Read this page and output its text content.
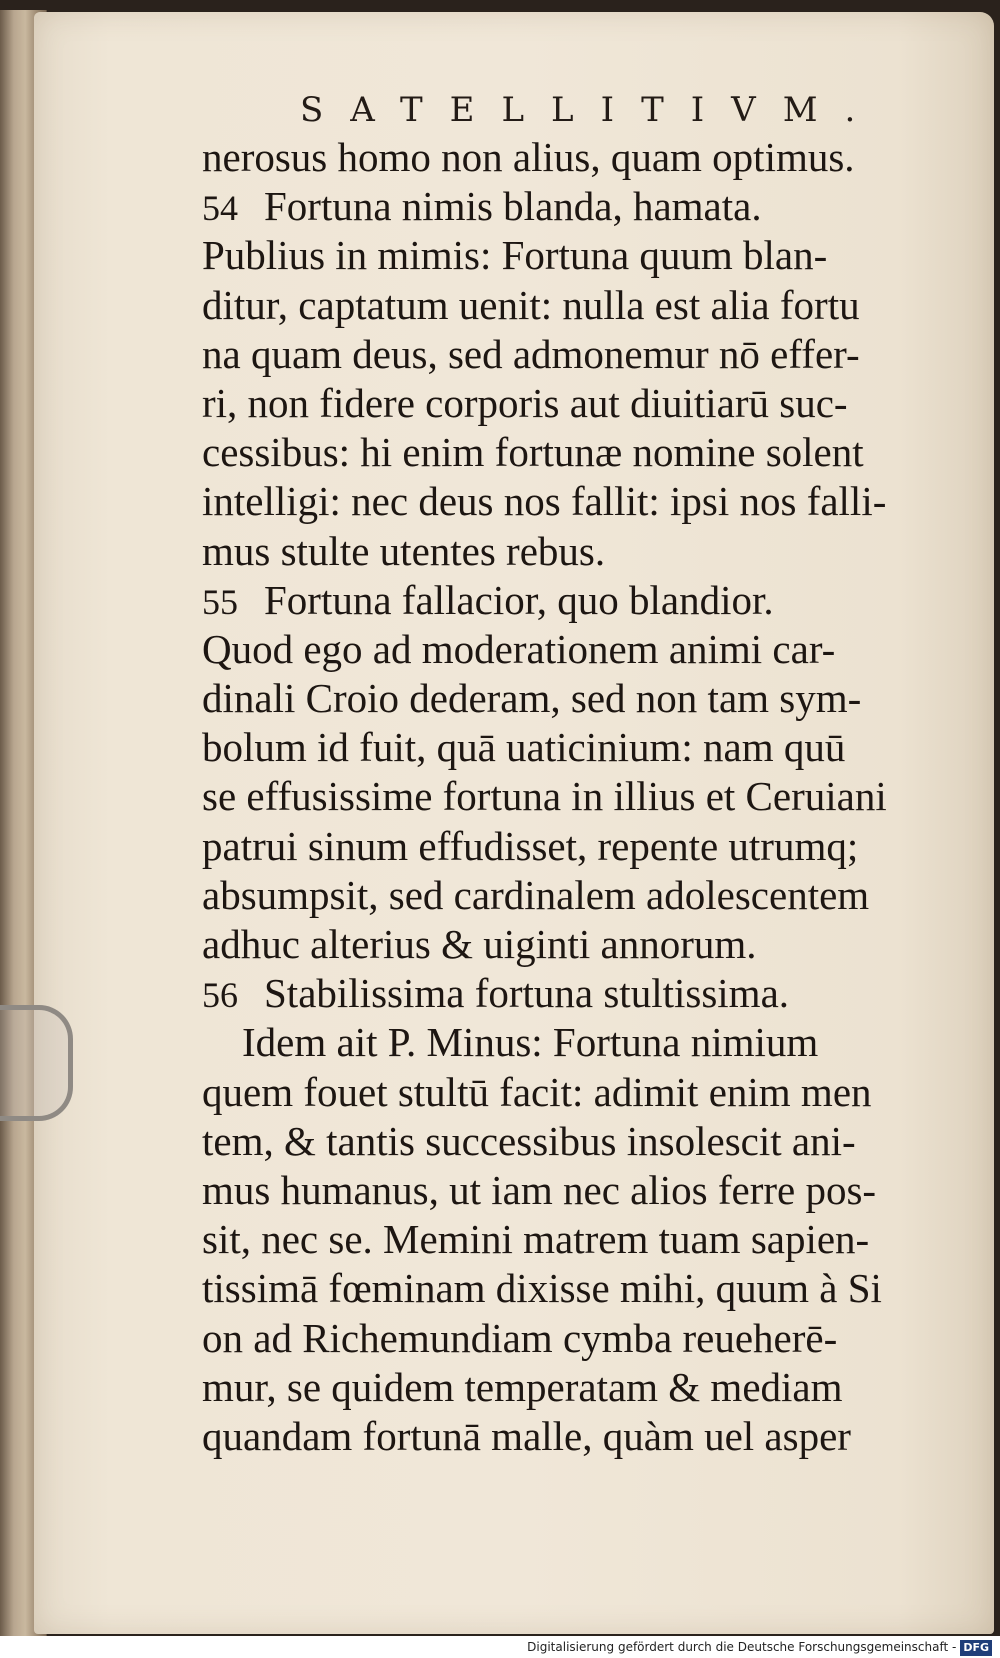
SATELLITIVM.
nerosus homo non alius, quam optimus.
54 Fortuna nimis blanda, hamata.
Publius in mimis: Fortuna quum blan-
ditur, captatum uenit: nulla est alia fortu
na quam deus, sed admonemur nō effer-
ri, non fidere corporis aut diuitiarū suc-
cessibus: hi enim fortunæ nomine solent
intelligi: nec deus nos fallit: ipsi nos falli-
mus stulte utentes rebus.
55 Fortuna fallacior, quo blandior.
Quod ego ad moderationem animi car-
dinali Croio dederam, sed non tam sym-
bolum id fuit, quā uaticinium: nam quū
se effusissime fortuna in illius et Ceruiani
patrui sinum effudisset, repente utrumq;
absumpsit, sed cardinalem adolescentem
adhuc alterius & uiginti annorum.
56 Stabilissima fortuna stultissima.
Idem ait P. Minus: Fortuna nimium
quem fouet stultū facit: adimit enim men
tem, & tantis successibus insolescit ani-
mus humanus, ut iam nec alios ferre pos-
sit, nec se. Memini matrem tuam sapien-
tissimā fœminam dixisse mihi, quum à Si
on ad Richemundiam cymba reueherē-
mur, se quidem temperatam & mediam
quandam fortunā malle, quàm uel asper
Digitalisierung gefördert durch die Deutsche Forschungsgemeinschaft - DFG
